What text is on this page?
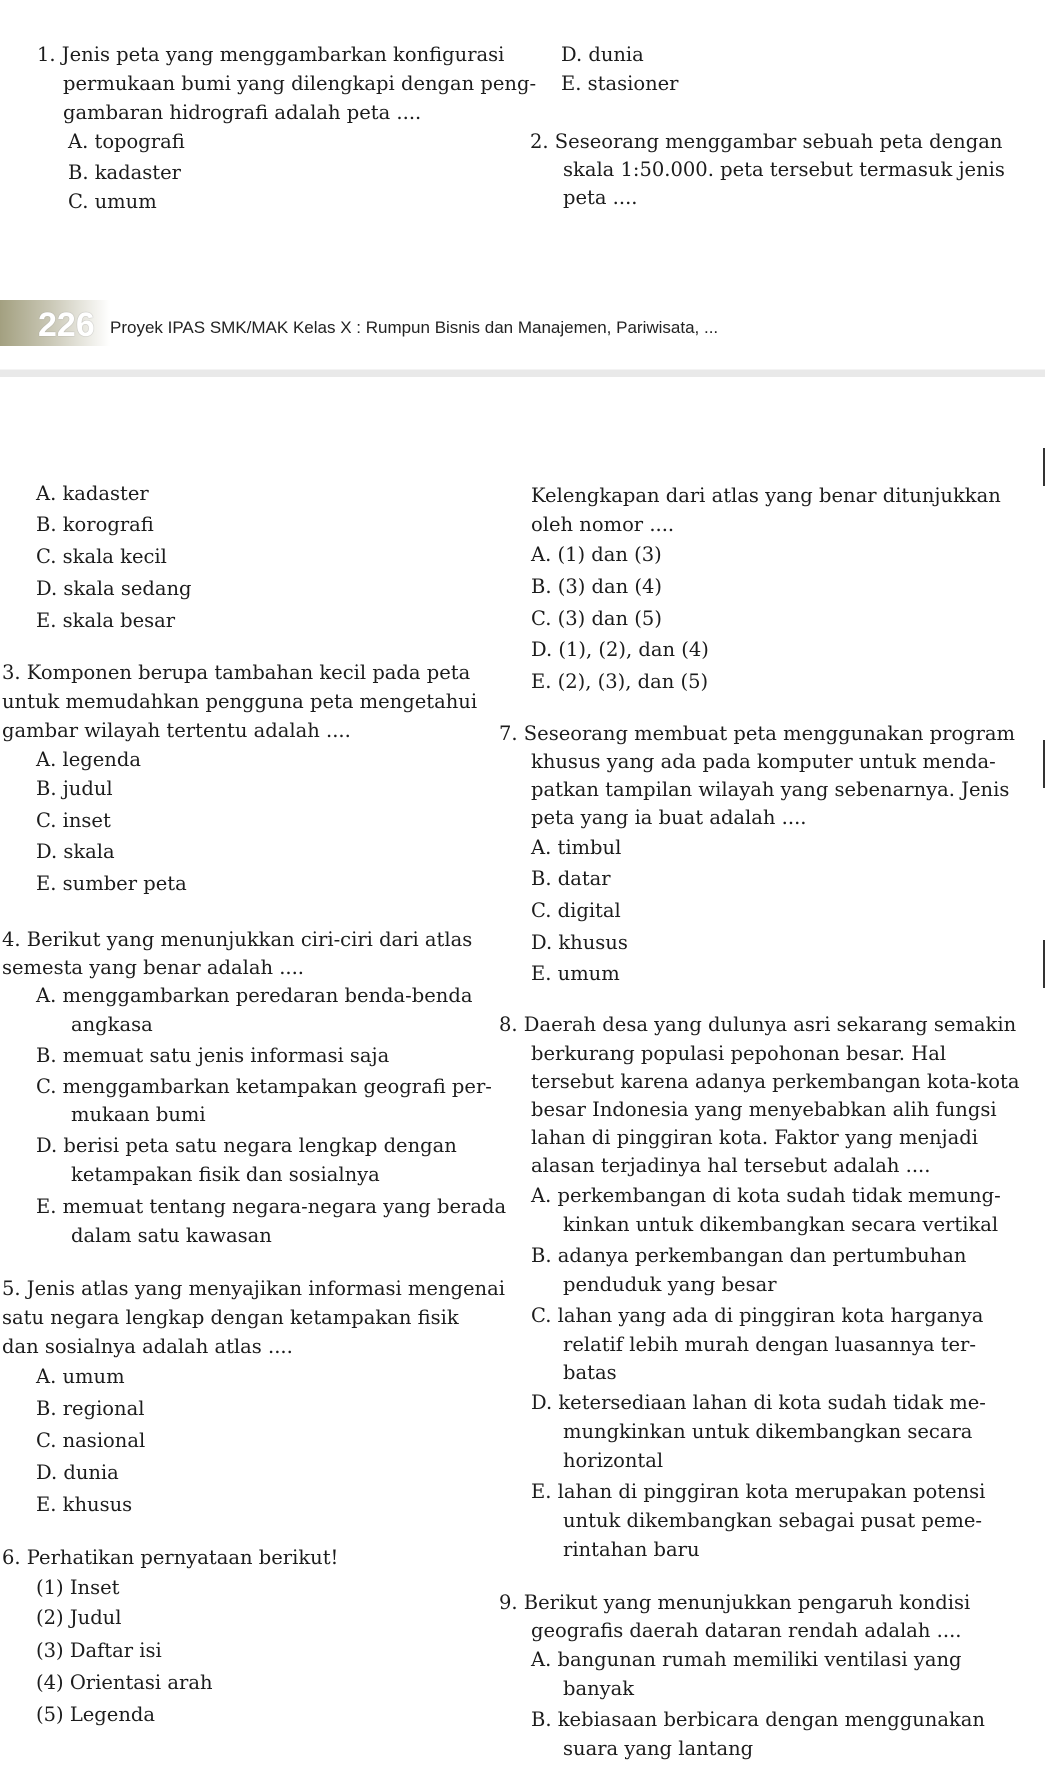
1. Jenis peta yang menggambarkan konfigurasi
permukaan bumi yang dilengkapi dengan peng-
gambaran hidrografi adalah peta ....
A. topografi
B. kadaster
C. umum
D. dunia
E. stasioner
2. Seseorang menggambar sebuah peta dengan
skala 1:50.000. peta tersebut termasuk jenis
peta ....
226 Proyek IPAS SMK/MAK Kelas X : Rumpun Bisnis dan Manajemen, Pariwisata, ...
A. kadaster
B. korografi
C. skala kecil
D. skala sedang
E. skala besar
3. Komponen berupa tambahan kecil pada peta
untuk memudahkan pengguna peta mengetahui
gambar wilayah tertentu adalah ....
A. legenda
B. judul
C. inset
D. skala
E. sumber peta
4. Berikut yang menunjukkan ciri-ciri dari atlas
semesta yang benar adalah ....
A. menggambarkan peredaran benda-benda
angkasa
B. memuat satu jenis informasi saja
C. menggambarkan ketampakan geografi per-
mukaan bumi
D. berisi peta satu negara lengkap dengan
ketampakan fisik dan sosialnya
E. memuat tentang negara-negara yang berada
dalam satu kawasan
5. Jenis atlas yang menyajikan informasi mengenai
satu negara lengkap dengan ketampakan fisik
dan sosialnya adalah atlas ....
A. umum
B. regional
C. nasional
D. dunia
E. khusus
6. Perhatikan pernyataan berikut!
(1) Inset
(2) Judul
(3) Daftar isi
(4) Orientasi arah
(5) Legenda
Kelengkapan dari atlas yang benar ditunjukkan
oleh nomor ....
A. (1) dan (3)
B. (3) dan (4)
C. (3) dan (5)
D. (1), (2), dan (4)
E. (2), (3), dan (5)
7. Seseorang membuat peta menggunakan program
khusus yang ada pada komputer untuk menda-
patkan tampilan wilayah yang sebenarnya. Jenis
peta yang ia buat adalah ....
A. timbul
B. datar
C. digital
D. khusus
E. umum
8. Daerah desa yang dulunya asri sekarang semakin
berkurang populasi pepohonan besar. Hal
tersebut karena adanya perkembangan kota-kota
besar Indonesia yang menyebabkan alih fungsi
lahan di pinggiran kota. Faktor yang menjadi
alasan terjadinya hal tersebut adalah ....
A. perkembangan di kota sudah tidak memung-
kinkan untuk dikembangkan secara vertikal
B. adanya perkembangan dan pertumbuhan
penduduk yang besar
C. lahan yang ada di pinggiran kota harganya
relatif lebih murah dengan luasannya ter-
batas
D. ketersediaan lahan di kota sudah tidak me-
mungkinkan untuk dikembangkan secara
horizontal
E. lahan di pinggiran kota merupakan potensi
untuk dikembangkan sebagai pusat peme-
rintahan baru
9. Berikut yang menunjukkan pengaruh kondisi
geografis daerah dataran rendah adalah ....
A. bangunan rumah memiliki ventilasi yang
banyak
B. kebiasaan berbicara dengan menggunakan
suara yang lantang
